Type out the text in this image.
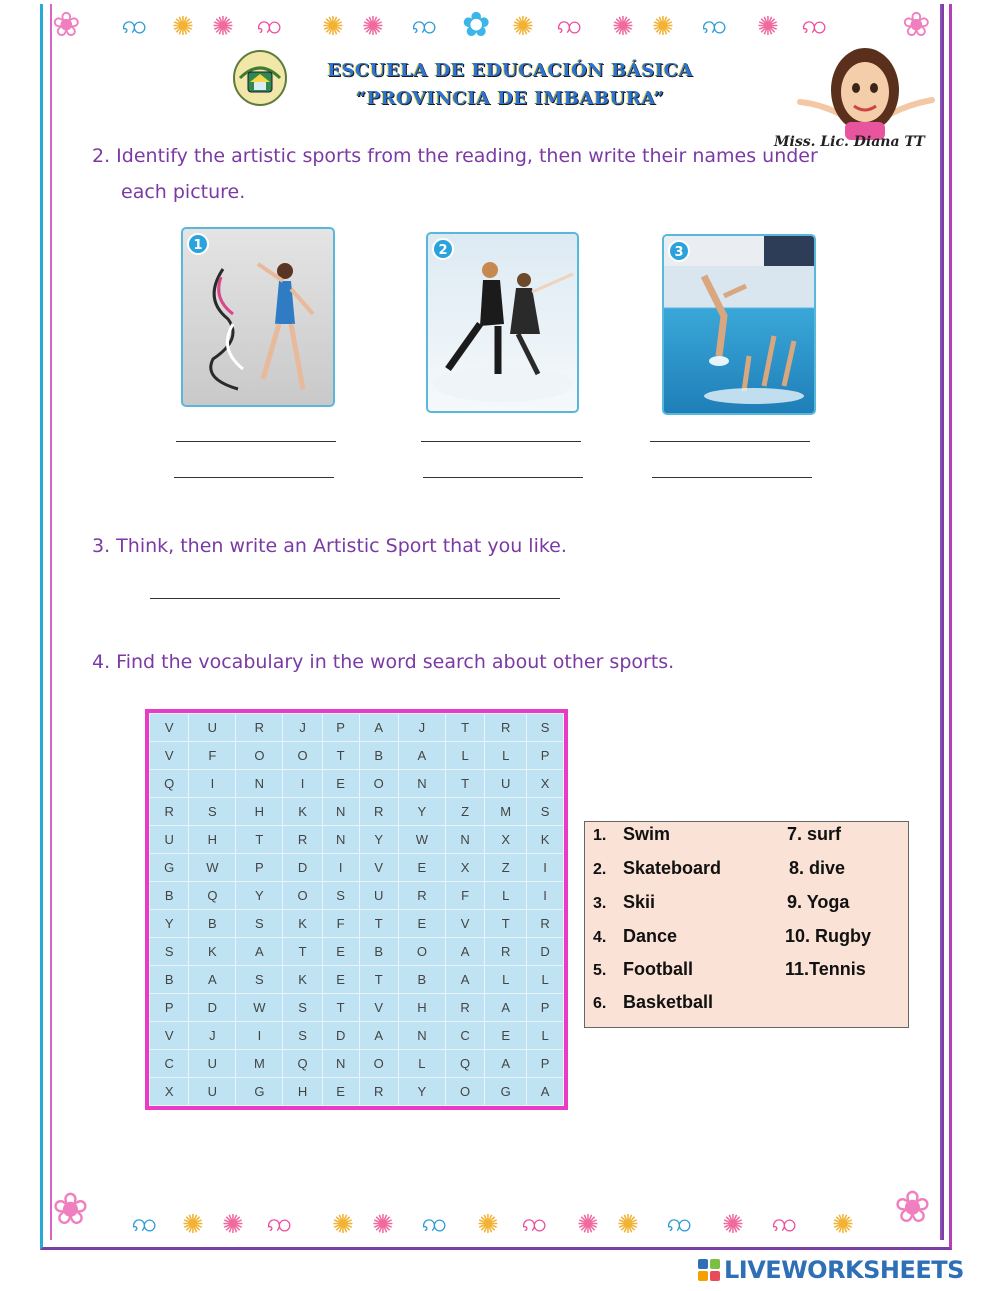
❀ ꩡ ✺ ✺ ꩡ ✺ ✺ ꩡ ✿ ✺ ꩡ ✺ ✺ ꩡ ✺ ꩡ ❀
ESCUELA DE EDUCACIÓN BÁSICA
“PROVINCIA DE IMBABURA”
Miss. Lic. Diana TT
2. Identify the artistic sports from the reading, then write their names under
each picture.
1	2	3
3. Think, then write an Artistic Sport that you like.
4. Find the vocabulary in the word search about other sports.
V	U	R	J	P	A	J	T	R	S
V	F	O	O	T	B	A	L	L	P
Q	I	N	I	E	O	N	T	U	X
R	S	H	K	N	R	Y	Z	M	S
U	H	T	R	N	Y	W	N	X	K
G	W	P	D	I	V	E	X	Z	I
B	Q	Y	O	S	U	R	F	L	I
Y	B	S	K	F	T	E	V	T	R
S	K	A	T	E	B	O	A	R	D
B	A	S	K	E	T	B	A	L	L
P	D	W	S	T	V	H	R	A	P
V	J	I	S	D	A	N	C	E	L
C	U	M	Q	N	O	L	Q	A	P
X	U	G	H	E	R	Y	O	G	A
1. Swim
2. Skateboard
3. Skii
4. Dance
5. Football
6. Basketball
7. surf
8. dive
9. Yoga
10. Rugby
11.Tennis
❀ ꩡ ✺ ✺ ꩡ ✺ ✺ ꩡ ✺ ꩡ ✺ ✺ ꩡ ✺ ꩡ ✺ ❀
LIVEWORKSHEETS
